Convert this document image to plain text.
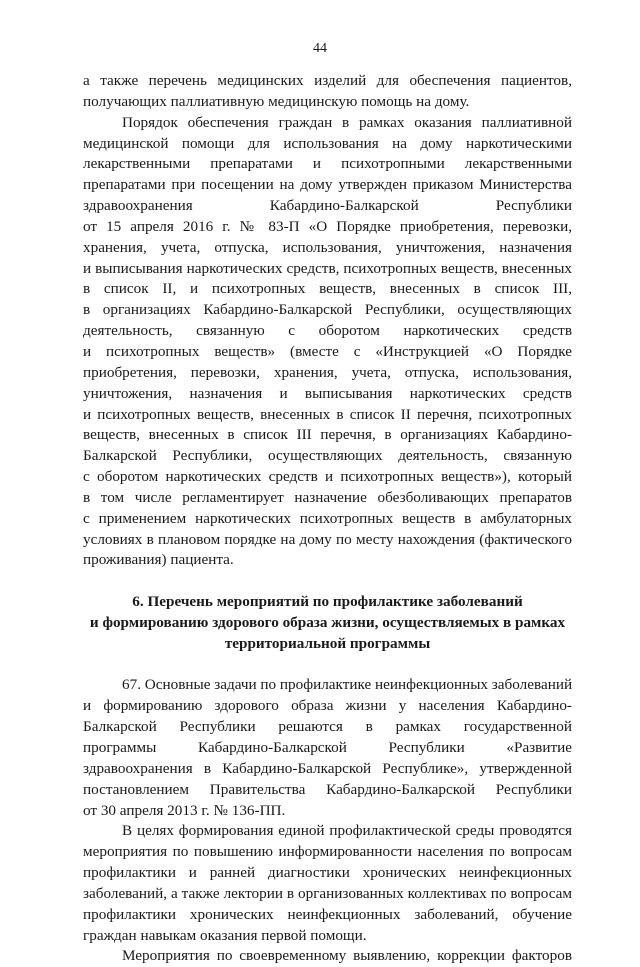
44
а также перечень медицинских изделий для обеспечения пациентов,
получающих паллиативную медицинскую помощь на дому.
Порядок обеспечения граждан в рамках оказания паллиативной
медицинской помощи для использования на дому наркотическими
лекарственными препаратами и психотропными лекарственными
препаратами при посещении на дому утвержден приказом Министерства
здравоохранения Кабардино-Балкарской Республики
от 15 апреля 2016 г. № 83-П «О Порядке приобретения, перевозки,
хранения, учета, отпуска, использования, уничтожения, назначения
и выписывания наркотических средств, психотропных веществ, внесенных
в список II, и психотропных веществ, внесенных в список III,
в организациях Кабардино-Балкарской Республики, осуществляющих
деятельность, связанную с оборотом наркотических средств
и психотропных веществ» (вместе с «Инструкцией «О Порядке
приобретения, перевозки, хранения, учета, отпуска, использования,
уничтожения, назначения и выписывания наркотических средств
и психотропных веществ, внесенных в список II перечня, психотропных
веществ, внесенных в список III перечня, в организациях Кабардино-
Балкарской Республики, осуществляющих деятельность, связанную
с оборотом наркотических средств и психотропных веществ»), который
в том числе регламентирует назначение обезболивающих препаратов
с применением наркотических психотропных веществ в амбулаторных
условиях в плановом порядке на дому по месту нахождения (фактического
проживания) пациента.
6. Перечень мероприятий по профилактике заболеваний
и формированию здорового образа жизни, осуществляемых в рамках
территориальной программы
67. Основные задачи по профилактике неинфекционных заболеваний
и формированию здорового образа жизни у населения Кабардино-
Балкарской Республики решаются в рамках государственной
программы Кабардино-Балкарской Республики «Развитие
здравоохранения в Кабардино-Балкарской Республике», утвержденной
постановлением Правительства Кабардино-Балкарской Республики
от 30 апреля 2013 г. № 136-ПП.
В целях формирования единой профилактической среды проводятся
мероприятия по повышению информированности населения по вопросам
профилактики и ранней диагностики хронических неинфекционных
заболеваний, а также лектории в организованных коллективах по вопросам
профилактики хронических неинфекционных заболеваний, обучение
граждан навыкам оказания первой помощи.
Мероприятия по своевременному выявлению, коррекции факторов
